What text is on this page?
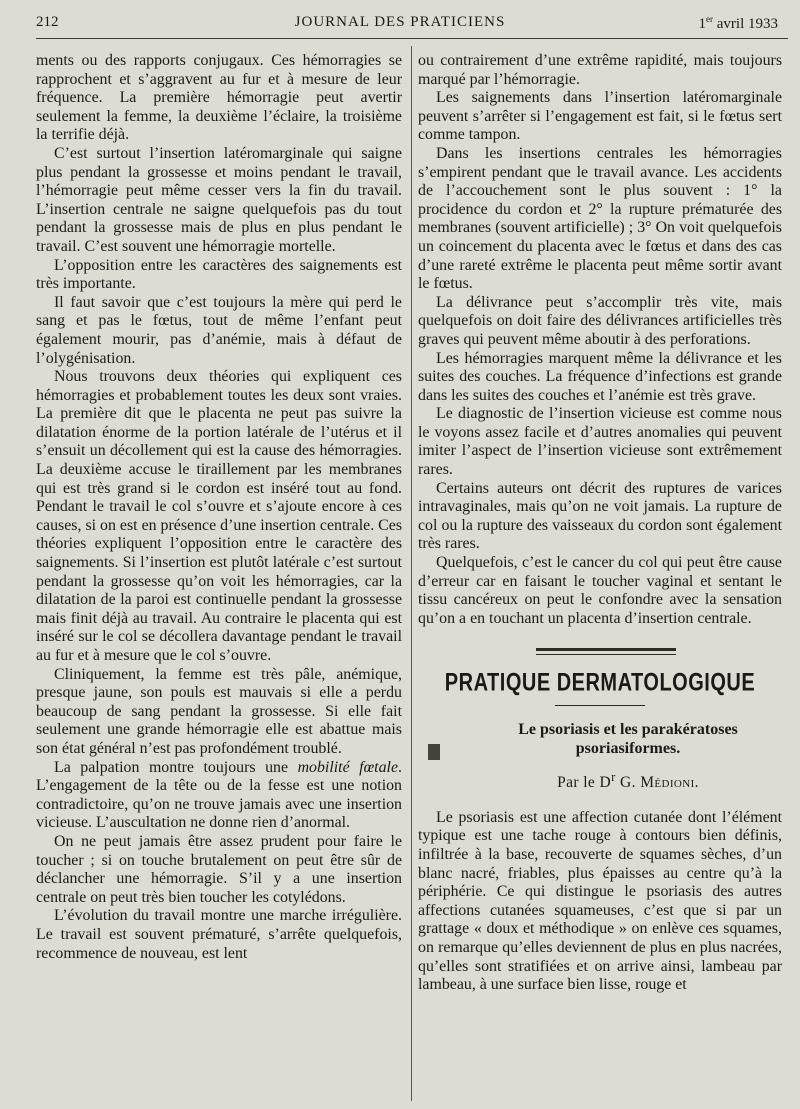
212	JOURNAL DES PRATICIENS	1er avril 1933

ments ou des rapports conjugaux. Ces hémorragies se rapprochent et s’aggravent au fur et à mesure de leur fréquence. La première hémorragie peut avertir seulement la femme, la deuxième l’éclaire, la troisième la terrifie déjà.

C’est surtout l’insertion latéromarginale qui saigne plus pendant la grossesse et moins pendant le travail, l’hémorragie peut même cesser vers la fin du travail. L’insertion centrale ne saigne quelquefois pas du tout pendant la grossesse mais de plus en plus pendant le travail. C’est souvent une hémorragie mortelle.

L’opposition entre les caractères des saignements est très importante.

Il faut savoir que c’est toujours la mère qui perd le sang et pas le fœtus, tout de même l’enfant peut également mourir, pas d’anémie, mais à défaut de l’olygénisation.

Nous trouvons deux théories qui expliquent ces hémorragies et probablement toutes les deux sont vraies. La première dit que le placenta ne peut pas suivre la dilatation énorme de la portion latérale de l’utérus et il s’ensuit un décollement qui est la cause des hémorragies. La deuxième accuse le tiraillement par les membranes qui est très grand si le cordon est inséré tout au fond. Pendant le travail le col s’ouvre et s’ajoute encore à ces causes, si on est en présence d’une insertion centrale. Ces théories expliquent l’opposition entre le caractère des saignements. Si l’insertion est plutôt latérale c’est surtout pendant la grossesse qu’on voit les hémorragies, car la dilatation de la paroi est continuelle pendant la grossesse mais finit déjà au travail. Au contraire le placenta qui est inséré sur le col se décollera davantage pendant le travail au fur et à mesure que le col s’ouvre.

Cliniquement, la femme est très pâle, anémique, presque jaune, son pouls est mauvais si elle a perdu beaucoup de sang pendant la grossesse. Si elle fait seulement une grande hémorragie elle est abattue mais son état général n’est pas profondément troublé.

La palpation montre toujours une mobilité fœtale. L’engagement de la tête ou de la fesse est une notion contradictoire, qu’on ne trouve jamais avec une insertion vicieuse. L’auscultation ne donne rien d’anormal.

On ne peut jamais être assez prudent pour faire le toucher ; si on touche brutalement on peut être sûr de déclancher une hémorragie. S’il y a une insertion centrale on peut très bien toucher les cotylédons.

L’évolution du travail montre une marche irrégulière. Le travail est souvent prématuré, s’arrête quelquefois, recommence de nouveau, est lent

ou contrairement d’une extrême rapidité, mais toujours marqué par l’hémorragie.

Les saignements dans l’insertion latéromarginale peuvent s’arrêter si l’engagement est fait, si le fœtus sert comme tampon.

Dans les insertions centrales les hémorragies s’empirent pendant que le travail avance. Les accidents de l’accouchement sont le plus souvent : 1° la procidence du cordon et 2° la rupture prématurée des membranes (souvent artificielle) ; 3° On voit quelquefois un coincement du placenta avec le fœtus et dans des cas d’une rareté extrême le placenta peut même sortir avant le fœtus.

La délivrance peut s’accomplir très vite, mais quelquefois on doit faire des délivrances artificielles très graves qui peuvent même aboutir à des perforations.

Les hémorragies marquent même la délivrance et les suites des couches. La fréquence d’infections est grande dans les suites des couches et l’anémie est très grave.

Le diagnostic de l’insertion vicieuse est comme nous le voyons assez facile et d’autres anomalies qui peuvent imiter l’aspect de l’insertion vicieuse sont extrêmement rares.

Certains auteurs ont décrit des ruptures de varices intravaginales, mais qu’on ne voit jamais. La rupture de col ou la rupture des vaisseaux du cordon sont également très rares.

Quelquefois, c’est le cancer du col qui peut être cause d’erreur car en faisant le toucher vaginal et sentant le tissu cancéreux on peut le confondre avec la sensation qu’on a en touchant un placenta d’insertion centrale.

PRATIQUE DERMATOLOGIQUE
Le psoriasis et les parakératoses psoriasiformes.
Par le $D^r$ G. Médioni.

Le psoriasis est une affection cutanée dont l’élément typique est une tache rouge à contours bien définis, infiltrée à la base, recouverte de squames sèches, d’un blanc nacré, friables, plus épaisses au centre qu’à la périphérie. Ce qui distingue le psoriasis des autres affections cutanées squameuses, c’est que si par un grattage « doux et méthodique » on enlève ces squames, on remarque qu’elles deviennent de plus en plus nacrées, qu’elles sont stratifiées et on arrive ainsi, lambeau par lambeau, à une surface bien lisse, rouge et
